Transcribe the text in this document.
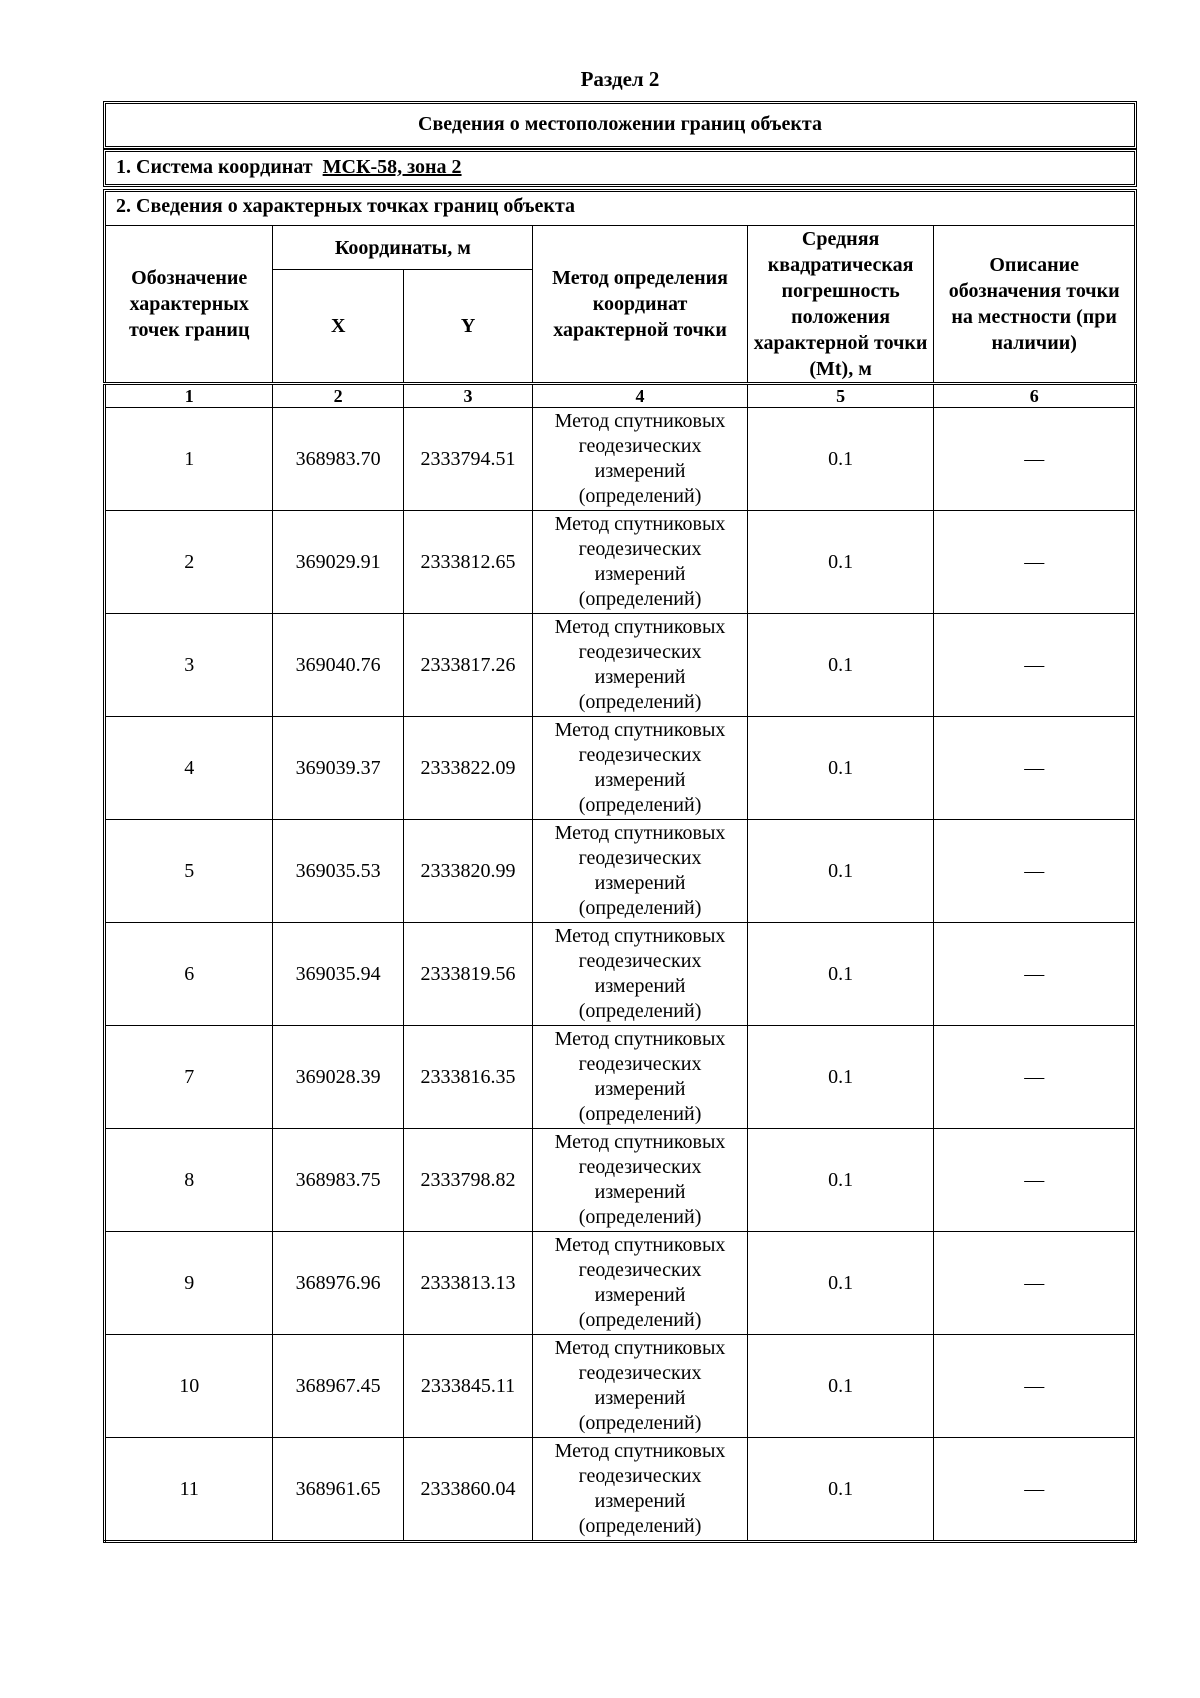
Раздел 2
Сведения о местоположении границ объекта
1. Система координат МСК-58, зона 2
2. Сведения о характерных точках границ объекта
Обозначение характерных точек границ	Координаты, м		Метод определения координат характерной точки	Средняя квадратическая погрешность положения характерной точки (Mt), м	Описание обозначения точки на местности (при наличии)
	X	Y			
1	2	3	4	5	6
1	368983.70	2333794.51	Метод спутниковых геодезических измерений (определений)	0.1	—
2	369029.91	2333812.65	Метод спутниковых геодезических измерений (определений)	0.1	—
3	369040.76	2333817.26	Метод спутниковых геодезических измерений (определений)	0.1	—
4	369039.37	2333822.09	Метод спутниковых геодезических измерений (определений)	0.1	—
5	369035.53	2333820.99	Метод спутниковых геодезических измерений (определений)	0.1	—
6	369035.94	2333819.56	Метод спутниковых геодезических измерений (определений)	0.1	—
7	369028.39	2333816.35	Метод спутниковых геодезических измерений (определений)	0.1	—
8	368983.75	2333798.82	Метод спутниковых геодезических измерений (определений)	0.1	—
9	368976.96	2333813.13	Метод спутниковых геодезических измерений (определений)	0.1	—
10	368967.45	2333845.11	Метод спутниковых геодезических измерений (определений)	0.1	—
11	368961.65	2333860.04	Метод спутниковых геодезических измерений (определений)	0.1	—
